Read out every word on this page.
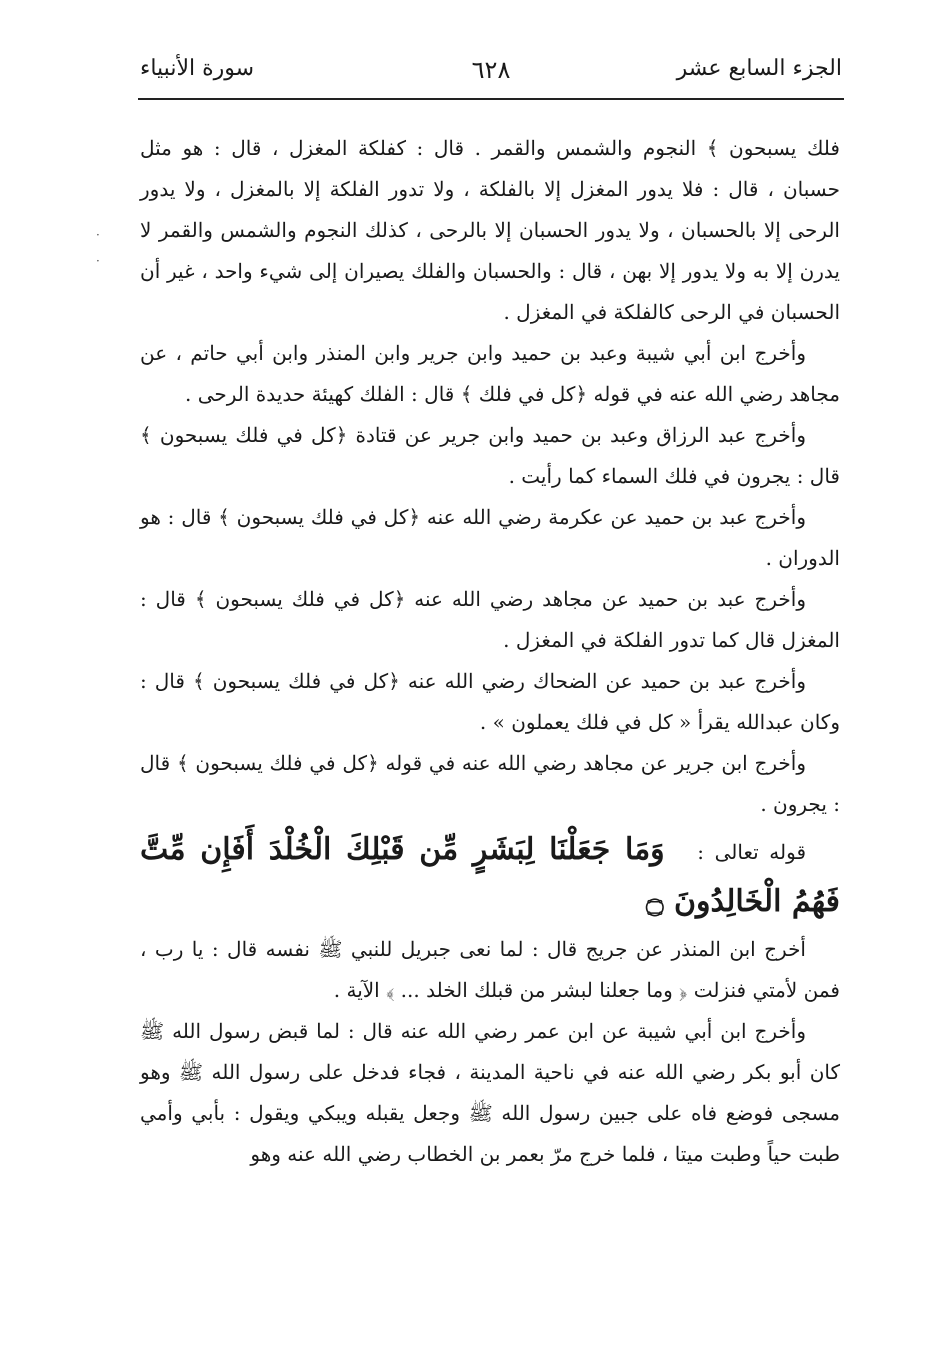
الجزء السابع عشر
٦٢٨
سورة الأنبياء
·
·

فلك يسبحون ﴾ النجوم والشمس والقمر . قال : كفلكة المغزل ، قال : هو مثل حسبان ، قال : فلا يدور المغزل إلا بالفلكة ، ولا تدور الفلكة إلا بالمغزل ، ولا يدور الرحى إلا بالحسبان ، ولا يدور الحسبان إلا بالرحى ، كذلك النجوم والشمس والقمر لا يدرن إلا به ولا يدور إلا بهن ، قال : والحسبان والفلك يصيران إلى شيء واحد ، غير أن الحسبان في الرحى كالفلكة في المغزل .

وأخرج ابن أبي شيبة وعبد بن حميد وابن جرير وابن المنذر وابن أبي حاتم ، عن مجاهد رضي الله عنه في قوله ﴿كل في فلك ﴾ قال : الفلك كهيئة حديدة الرحى .

وأخرج عبد الرزاق وعبد بن حميد وابن جرير عن قتادة ﴿كل في فلك يسبحون ﴾ قال : يجرون في فلك السماء كما رأيت .

وأخرج عبد بن حميد عن عكرمة رضي الله عنه ﴿كل في فلك يسبحون ﴾ قال : هو الدوران .

وأخرج عبد بن حميد عن مجاهد رضي الله عنه ﴿كل في فلك يسبحون ﴾ قال : المغزل قال كما تدور الفلكة في المغزل .

وأخرج عبد بن حميد عن الضحاك رضي الله عنه ﴿كل في فلك يسبحون ﴾ قال : وكان عبدالله يقرأ « كل في فلك يعملون » .

وأخرج ابن جرير عن مجاهد رضي الله عنه في قوله ﴿كل في فلك يسبحون ﴾ قال : يجرون .

قوله تعالى : وَمَا جَعَلْنَا لِبَشَرٍ مِّن قَبْلِكَ الْخُلْدَ أَفَإِن مِّتَّ فَهُمُ الْخَالِدُونَ ۝

أخرج ابن المنذر عن جريج قال : لما نعى جبريل للنبي ﷺ نفسه قال : يا رب ، فمن لأمتي فنزلت ﴿ وما جعلنا لبشر من قبلك الخلد ... ﴾ الآية .

وأخرج ابن أبي شيبة عن ابن عمر رضي الله عنه قال : لما قبض رسول الله ﷺ كان أبو بكر رضي الله عنه في ناحية المدينة ، فجاء فدخل على رسول الله ﷺ وهو مسجى فوضع فاه على جبين رسول الله ﷺ وجعل يقبله ويبكي ويقول : بأبي وأمي طبت حياً وطبت ميتا ، فلما خرج مرّ بعمر بن الخطاب رضي الله عنه وهو
